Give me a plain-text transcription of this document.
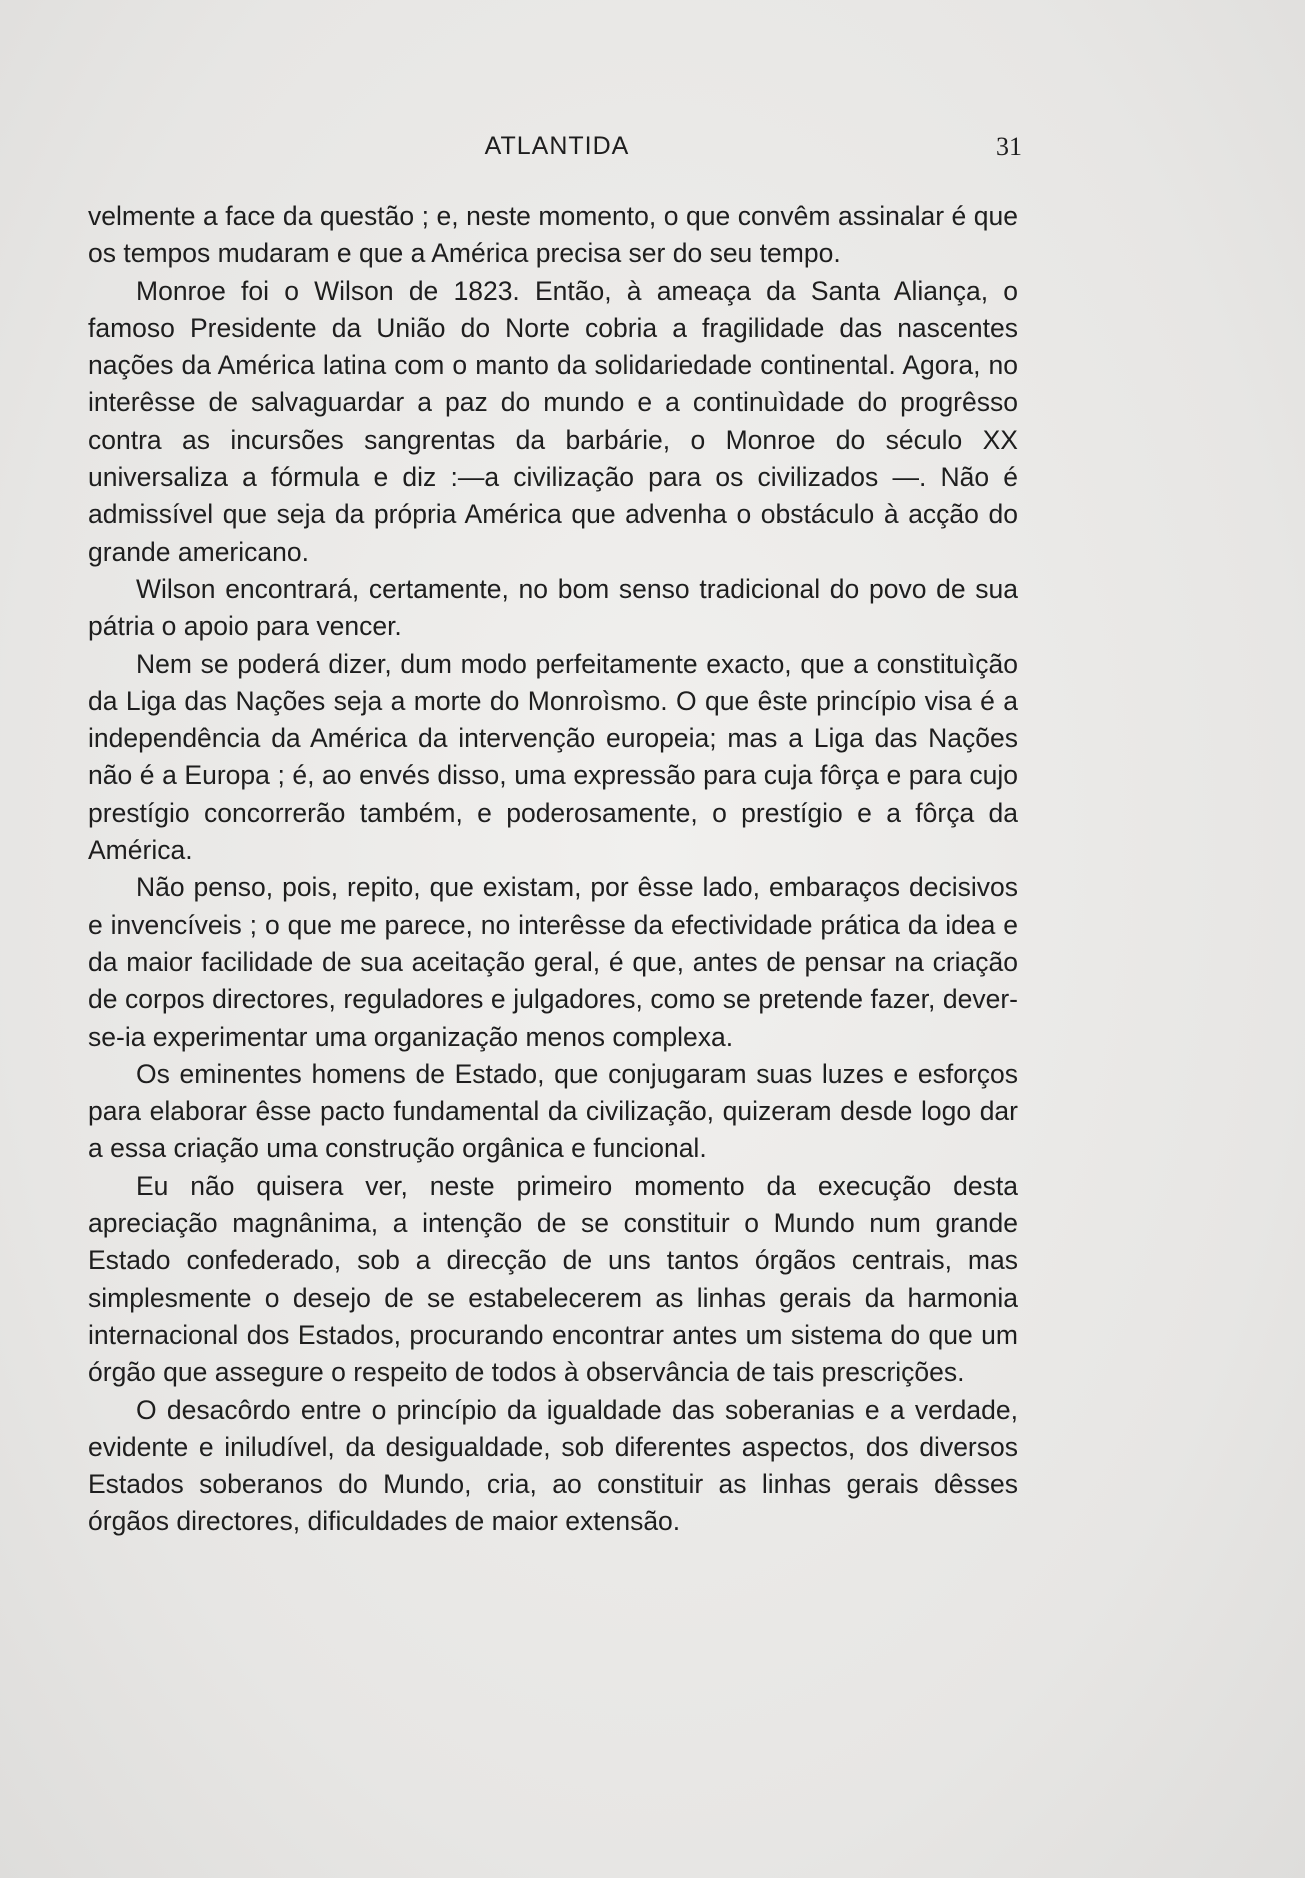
ATLANTIDA	31

velmente a face da questão ; e, neste momento, o que convêm assinalar é que os tempos mudaram e que a América precisa ser do seu tempo.

Monroe foi o Wilson de 1823. Então, à ameaça da Santa Aliança, o famoso Presidente da União do Norte cobria a fragilidade das nascentes nações da América latina com o manto da solidariedade continental. Agora, no interêsse de salvaguardar a paz do mundo e a continuìdade do progrêsso contra as incursões sangrentas da barbárie, o Monroe do século XX universaliza a fórmula e diz :—a civilização para os civilizados —. Não é admissível que seja da própria América que advenha o obstáculo à acção do grande americano.

Wilson encontrará, certamente, no bom senso tradicional do povo de sua pátria o apoio para vencer.

Nem se poderá dizer, dum modo perfeitamente exacto, que a constituìção da Liga das Nações seja a morte do Monroìsmo. O que êste princípio visa é a independência da América da intervenção europeia; mas a Liga das Nações não é a Europa ; é, ao envés disso, uma expressão para cuja fôrça e para cujo prestígio concorrerão também, e poderosamente, o prestígio e a fôrça da América.

Não penso, pois, repito, que existam, por êsse lado, embaraços decisivos e invencíveis ; o que me parece, no interêsse da efectividade prática da idea e da maior facilidade de sua aceitação geral, é que, antes de pensar na criação de corpos directores, reguladores e julgadores, como se pretende fazer, dever-se-ia experimentar uma organização menos complexa.

Os eminentes homens de Estado, que conjugaram suas luzes e esforços para elaborar êsse pacto fundamental da civilização, quizeram desde logo dar a essa criação uma construção orgânica e funcional.

Eu não quisera ver, neste primeiro momento da execução desta apreciação magnânima, a intenção de se constituir o Mundo num grande Estado confederado, sob a direcção de uns tantos órgãos centrais, mas simplesmente o desejo de se estabelecerem as linhas gerais da harmonia internacional dos Estados, procurando encontrar antes um sistema do que um órgão que assegure o respeito de todos à observância de tais prescrições.

O desacôrdo entre o princípio da igualdade das soberanias e a verdade, evidente e iniludível, da desigualdade, sob diferentes aspectos, dos diversos Estados soberanos do Mundo, cria, ao constituir as linhas gerais dêsses órgãos directores, dificuldades de maior extensão.
